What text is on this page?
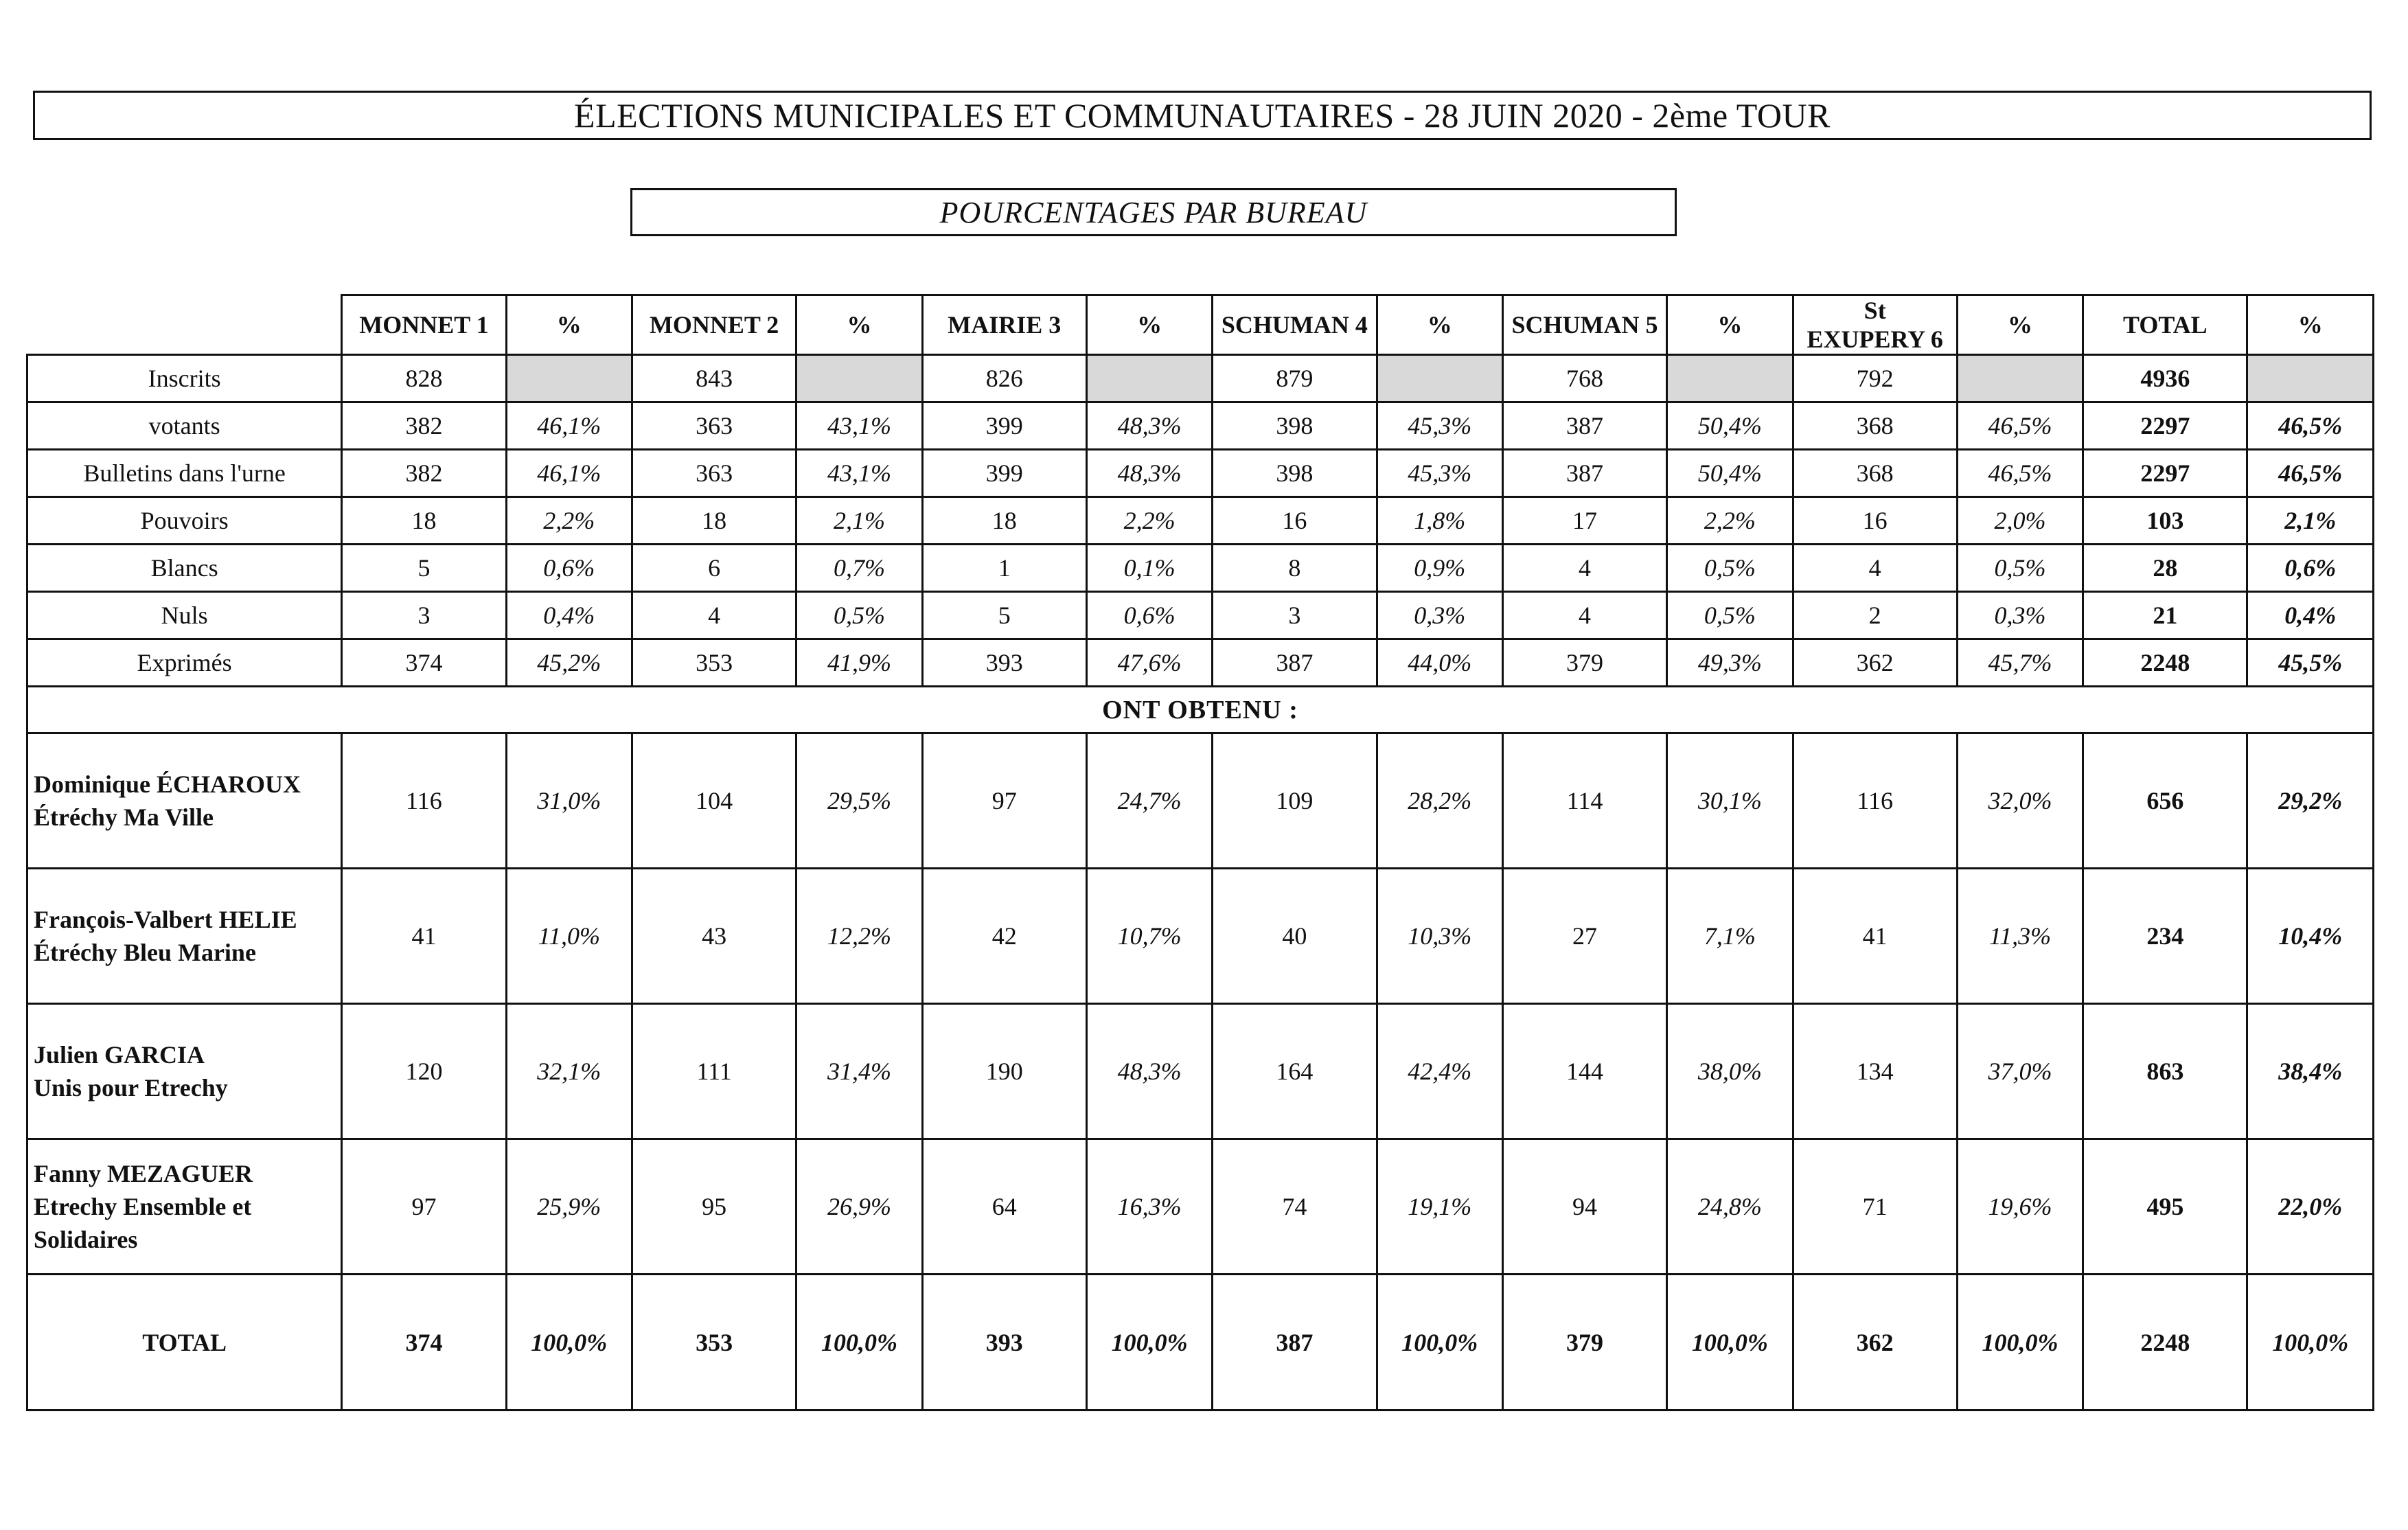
ÉLECTIONS MUNICIPALES ET COMMUNAUTAIRES - 28 JUIN 2020 - 2ème TOUR
POURCENTAGES PAR BUREAU
	MONNET 1	%	MONNET 2	%	MAIRIE 3	%	SCHUMAN 4	%	SCHUMAN 5	%	St
EXUPERY 6	%	TOTAL	%
Inscrits	828		843		826		879		768		792		4936	
votants	382	46,1%	363	43,1%	399	48,3%	398	45,3%	387	50,4%	368	46,5%	2297	46,5%
Bulletins dans l'urne	382	46,1%	363	43,1%	399	48,3%	398	45,3%	387	50,4%	368	46,5%	2297	46,5%
Pouvoirs	18	2,2%	18	2,1%	18	2,2%	16	1,8%	17	2,2%	16	2,0%	103	2,1%
Blancs	5	0,6%	6	0,7%	1	0,1%	8	0,9%	4	0,5%	4	0,5%	28	0,6%
Nuls	3	0,4%	4	0,5%	5	0,6%	3	0,3%	4	0,5%	2	0,3%	21	0,4%
Exprimés	374	45,2%	353	41,9%	393	47,6%	387	44,0%	379	49,3%	362	45,7%	2248	45,5%
ONT OBTENU :														

Dominique ÉCHAROUX
Étréchy Ma Ville	116	31,0%	104	29,5%	97	24,7%	109	28,2%	114	30,1%	116	32,0%	656	29,2%

François-Valbert HELIE
Étréchy Bleu Marine	41	11,0%	43	12,2%	42	10,7%	40	10,3%	27	7,1%	41	11,3%	234	10,4%

Julien GARCIA
Unis pour Etrechy	120	32,1%	111	31,4%	190	48,3%	164	42,4%	144	38,0%	134	37,0%	863	38,4%

Fanny MEZAGUER
Etrechy Ensemble et
Solidaires	97	25,9%	95	26,9%	64	16,3%	74	19,1%	94	24,8%	71	19,6%	495	22,0%
TOTAL	374	100,0%	353	100,0%	393	100,0%	387	100,0%	379	100,0%	362	100,0%	2248	100,0%
